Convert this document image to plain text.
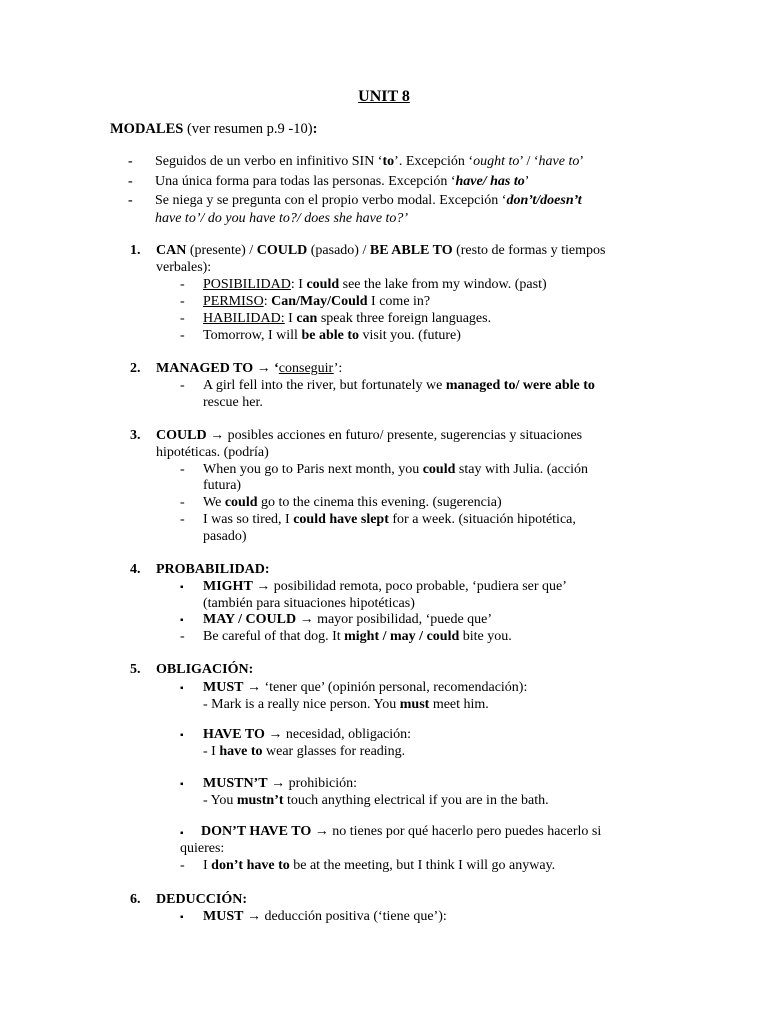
UNIT 8
MODALES (ver resumen p.9 -10):
- Seguidos de un verbo en infinitivo SIN ‘to’. Excepción ‘ought to’ / ‘have to’
- Una única forma para todas las personas. Excepción ‘have/ has to’
- Se niega y se pregunta con el propio verbo modal. Excepción ‘don’t/doesn’t
have to’/ do you have to?/ does she have to?’
1. CAN (presente) / COULD (pasado) / BE ABLE TO (resto de formas y tiempos
verbales):
- POSIBILIDAD: I could see the lake from my window. (past)
- PERMISO: Can/May/Could I come in?
- HABILIDAD: I can speak three foreign languages.
- Tomorrow, I will be able to visit you. (future)
2. MANAGED TO → ‘conseguir’:
- A girl fell into the river, but fortunately we managed to/ were able to
rescue her.
3. COULD → posibles acciones en futuro/ presente, sugerencias y situaciones
hipotéticas. (podría)
- When you go to Paris next month, you could stay with Julia. (acción
futura)
- We could go to the cinema this evening. (sugerencia)
- I was so tired, I could have slept for a week. (situación hipotética,
pasado)
4. PROBABILIDAD:
▪ MIGHT → posibilidad remota, poco probable, ‘pudiera ser que’
(también para situaciones hipotéticas)
▪ MAY / COULD → mayor posibilidad, ‘puede que’
- Be careful of that dog. It might / may / could bite you.
5. OBLIGACIÓN:
▪ MUST → ‘tener que’ (opinión personal, recomendación):
- Mark is a really nice person. You must meet him.
▪ HAVE TO → necesidad, obligación:
- I have to wear glasses for reading.
▪ MUSTN’T → prohibición:
- You mustn’t touch anything electrical if you are in the bath.
▪ DON’T HAVE TO → no tienes por qué hacerlo pero puedes hacerlo si
quieres:
- I don’t have to be at the meeting, but I think I will go anyway.
6. DEDUCCIÓN:
▪ MUST → deducción positiva (‘tiene que’):
